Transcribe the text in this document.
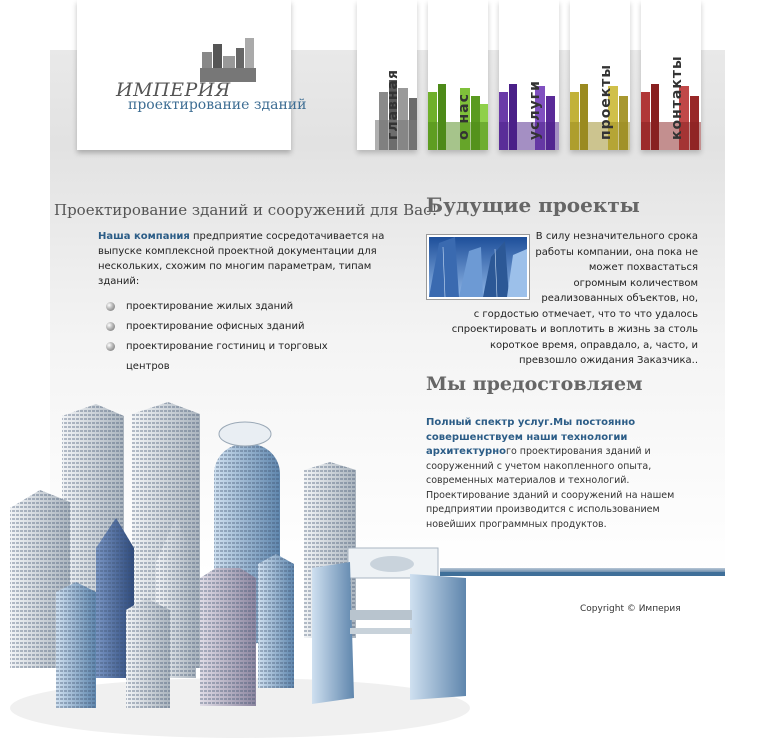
ИМПЕРИЯ
проектирование зданий	главная	о нас	услуги	проекты	контакты
Проектирование зданий и сооружений для Вас!
Наша компания предприятие сосредотачивается на выпуске комплексной проектной документации для нескольких, схожим по многим параметрам, типам зданий:
проектирование жилых зданий
проектирование офисных зданий
проектирование гостиниц и торговых центров
Будущие проекты
В силу незначительного срока работы компании, она пока не может похвастаться огромным количеством реализованных объектов, но, с гордостью отмечает, что то что удалось спроектировать и воплотить в жизнь за столь короткое время, оправдало, а, часто, и превзошло ожидания Заказчика..
Мы предостовляем
Полный спектр услуг.Мы постоянно совершенствуем наши технологии архитектурного проектирования зданий и сооруженний с учетом накопленного опыта, современных материалов и технологий. Проектирование зданий и сооружений на нашем предприятии производится с использованием новейших программных продуктов.
Copyright © Империя
